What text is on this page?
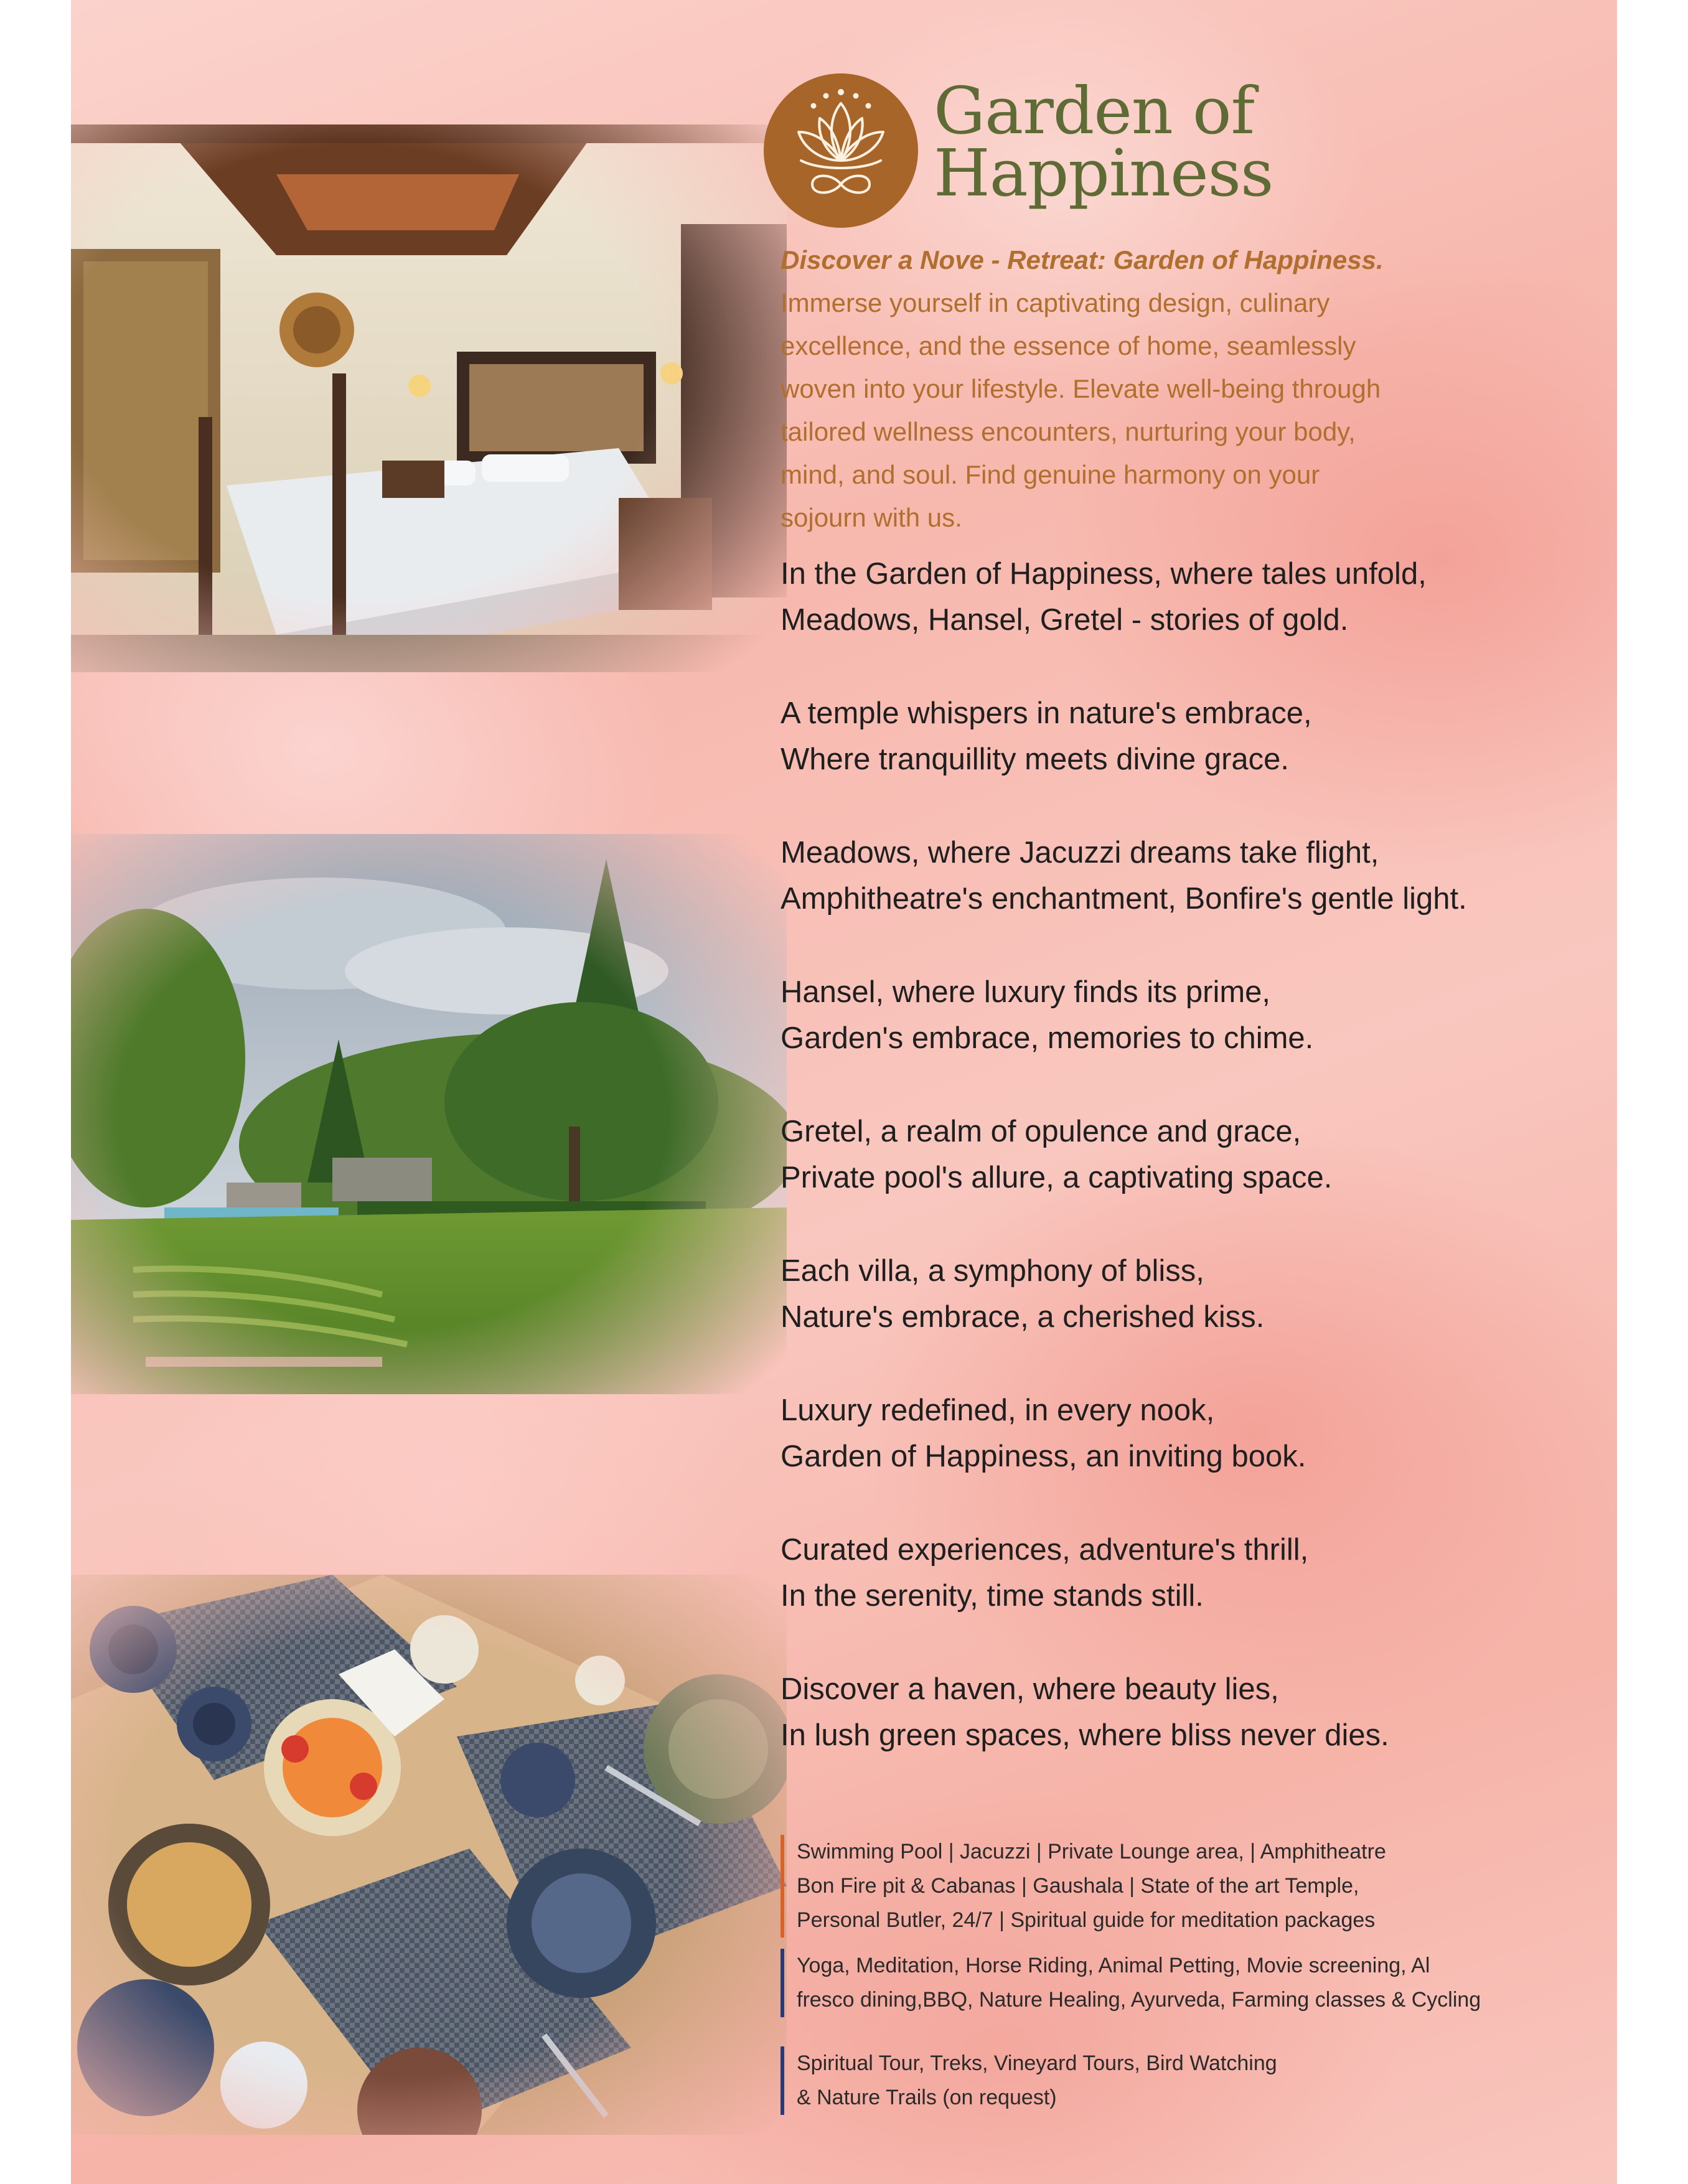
Garden of
Happiness
Discover a Nove - Retreat: Garden of Happiness.
Immerse yourself in captivating design, culinary
excellence, and the essence of home, seamlessly
woven into your lifestyle. Elevate well-being through
tailored wellness encounters, nurturing your body,
mind, and soul. Find genuine harmony on your
sojourn with us.
In the Garden of Happiness, where tales unfold,
Meadows, Hansel, Gretel - stories of gold.
A temple whispers in nature's embrace,
Where tranquillity meets divine grace.
Meadows, where Jacuzzi dreams take flight,
Amphitheatre's enchantment, Bonfire's gentle light.
Hansel, where luxury finds its prime,
Garden's embrace, memories to chime.
Gretel, a realm of opulence and grace,
Private pool's allure, a captivating space.
Each villa, a symphony of bliss,
Nature's embrace, a cherished kiss.
Luxury redefined, in every nook,
Garden of Happiness, an inviting book.
Curated experiences, adventure's thrill,
In the serenity, time stands still.
Discover a haven, where beauty lies,
In lush green spaces, where bliss never dies.
Swimming Pool | Jacuzzi | Private Lounge area, | Amphitheatre
Bon Fire pit & Cabanas | Gaushala | State of the art Temple,
Personal Butler, 24/7 | Spiritual guide for meditation packages
Yoga, Meditation, Horse Riding, Animal Petting, Movie screening, Al
fresco dining,BBQ, Nature Healing, Ayurveda, Farming classes & Cycling
Spiritual Tour, Treks, Vineyard Tours, Bird Watching
& Nature Trails (on request)
